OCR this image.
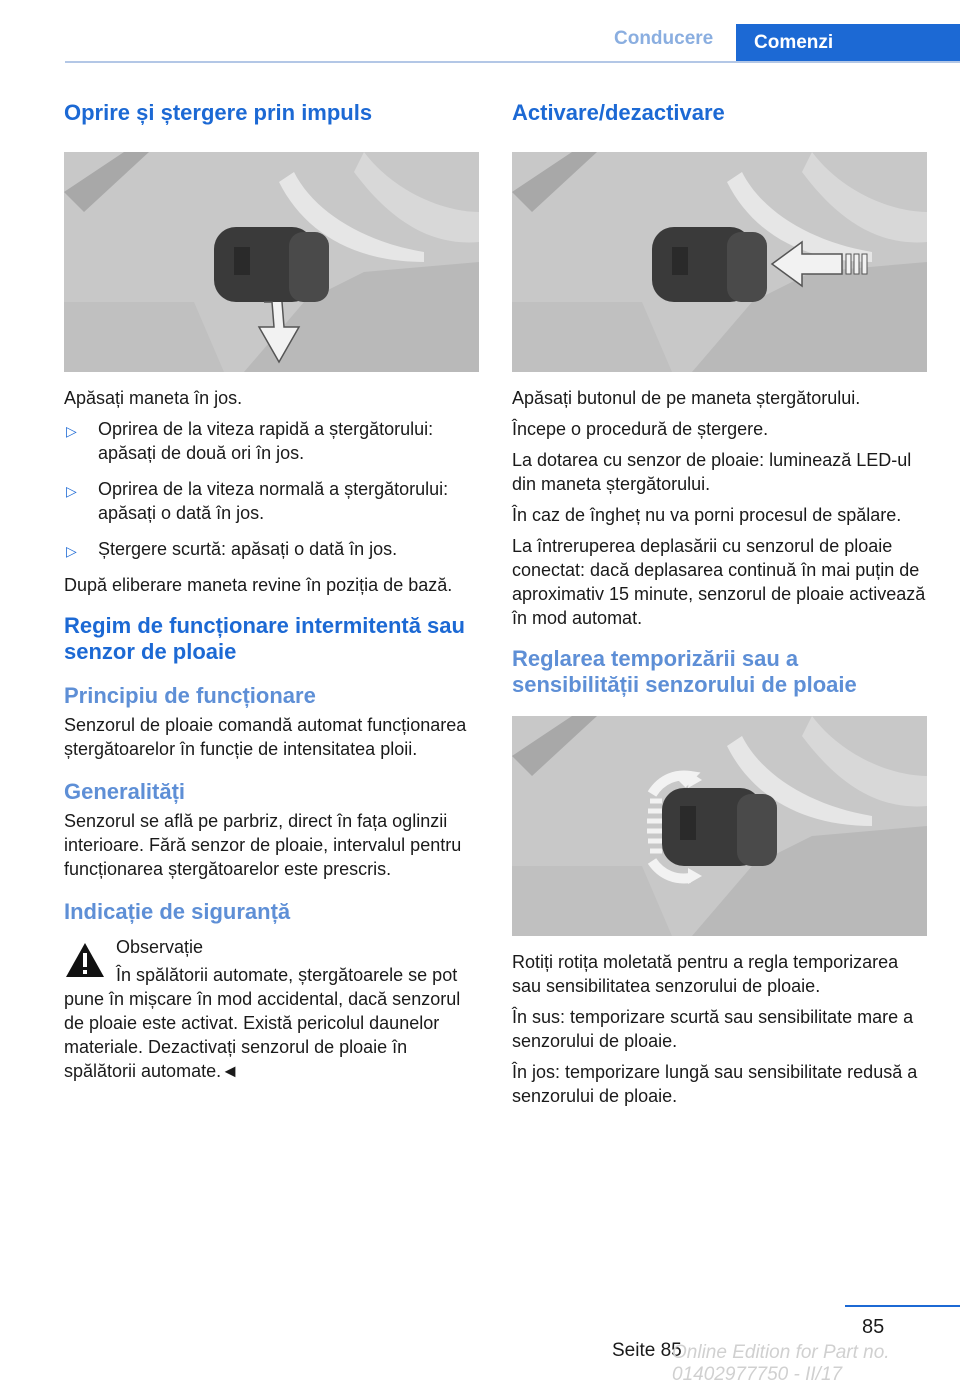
Conducere	Comenzi
Oprire și ștergere prin impuls

Apăsați maneta în jos.

▷ Oprirea de la viteza rapidă a ștergătorului: apăsați de două ori în jos.
▷ Oprirea de la viteza normală a ștergătorului: apăsați o dată în jos.
▷ Ștergere scurtă: apăsați o dată în jos.

După eliberare maneta revine în poziția de bază.

Regim de funcționare intermitentă sau senzor de ploaie
Principiu de funcționare

Senzorul de ploaie comandă automat funcționarea ștergătoarelor în funcție de intensitatea ploii.

Generalități

Senzorul se află pe parbriz, direct în fața oglinzii interioare. Fără senzor de ploaie, intervalul pentru funcționarea ștergătoarelor este prescris.

Indicație de siguranță

Observație

În spălătorii automate, ștergătoarele se pot pune în mișcare în mod accidental, dacă senzorul de ploaie este activat. Există pericolul daunelor materiale. Dezactivați senzorul de ploaie în spălătorii automate.◄

Activare/dezactivare

Apăsați butonul de pe maneta ștergătorului.

Începe o procedură de ștergere.

La dotarea cu senzor de ploaie: luminează LED-ul din maneta ștergătorului.

În caz de îngheț nu va porni procesul de spălare.

La întreruperea deplasării cu senzorul de ploaie conectat: dacă deplasarea continuă în mai puțin de aproximativ 15 minute, senzorul de ploaie activează în mod automat.

Reglarea temporizării sau a sensibilității senzorului de ploaie

Rotiți rotița moletată pentru a regla temporizarea sau sensibilitatea senzorului de ploaie.

În sus: temporizare scurtă sau sensibilitate mare a senzorului de ploaie.

În jos: temporizare lungă sau sensibilitate redusă a senzorului de ploaie.

85
Seite 85
Online Edition for Part no. 01402977750 - II/17
